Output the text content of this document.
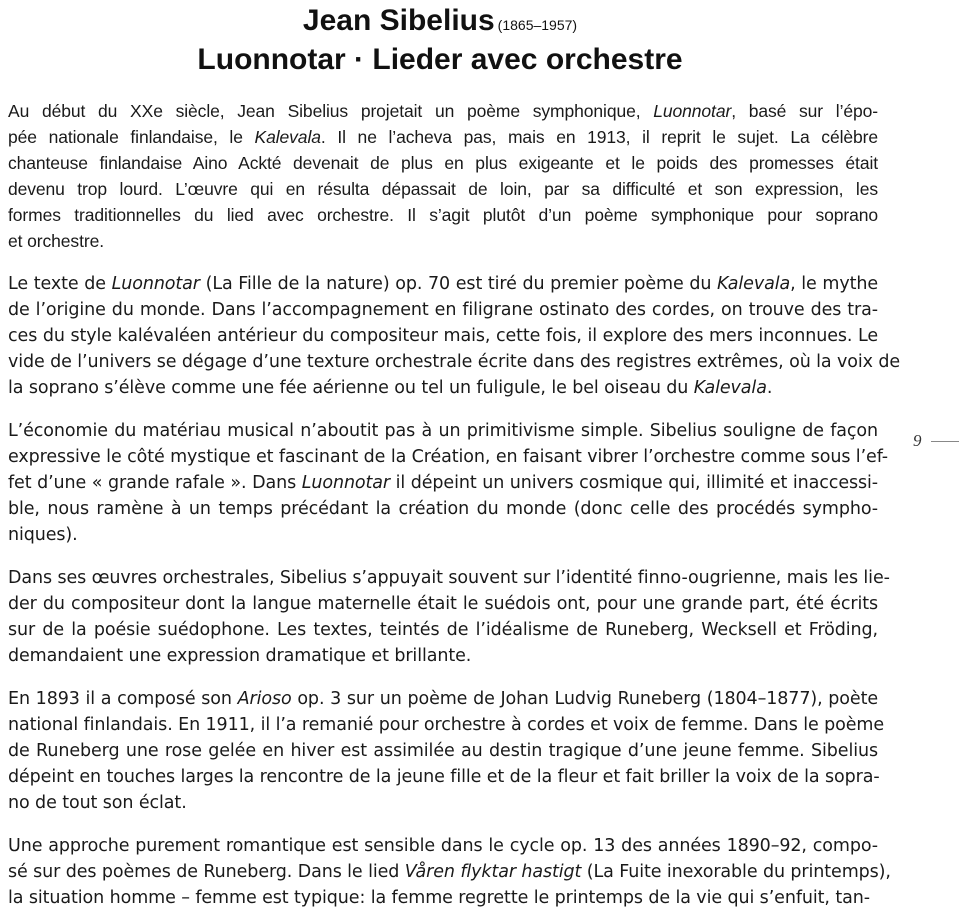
Jean Sibelius (1865–1957)
Luonnotar · Lieder avec orchestre
Au début du XXe siècle, Jean Sibelius projetait un poème symphonique, Luonnotar, basé sur l’épo-
pée nationale finlandaise, le Kalevala. Il ne l’acheva pas, mais en 1913, il reprit le sujet. La célèbre
chanteuse finlandaise Aino Ackté devenait de plus en plus exigeante et le poids des promesses était
devenu trop lourd. L’œuvre qui en résulta dépassait de loin, par sa difficulté et son expression, les
formes traditionnelles du lied avec orchestre. Il s’agit plutôt d’un poème symphonique pour soprano
et orchestre.
Le texte de Luonnotar (La Fille de la nature) op. 70 est tiré du premier poème du Kalevala, le mythe
de l’origine du monde. Dans l’accompagnement en filigrane ostinato des cordes, on trouve des tra-
ces du style kalévaléen antérieur du compositeur mais, cette fois, il explore des mers inconnues. Le
vide de l’univers se dégage d’une texture orchestrale écrite dans des registres extrêmes, où la voix de
la soprano s’élève comme une fée aérienne ou tel un fuligule, le bel oiseau du Kalevala.
L’économie du matériau musical n’aboutit pas à un primitivisme simple. Sibelius souligne de façon
expressive le côté mystique et fascinant de la Création, en faisant vibrer l’orchestre comme sous l’ef-
fet d’une « grande rafale ». Dans Luonnotar il dépeint un univers cosmique qui, illimité et inaccessi-
ble, nous ramène à un temps précédant la création du monde (donc celle des procédés sympho-
niques).
Dans ses œuvres orchestrales, Sibelius s’appuyait souvent sur l’identité finno-ougrienne, mais les lie-
der du compositeur dont la langue maternelle était le suédois ont, pour une grande part, été écrits
sur de la poésie suédophone. Les textes, teintés de l’idéalisme de Runeberg, Wecksell et Fröding,
demandaient une expression dramatique et brillante.
En 1893 il a composé son Arioso op. 3 sur un poème de Johan Ludvig Runeberg (1804–1877), poète
national finlandais. En 1911, il l’a remanié pour orchestre à cordes et voix de femme. Dans le poème
de Runeberg une rose gelée en hiver est assimilée au destin tragique d’une jeune femme. Sibelius
dépeint en touches larges la rencontre de la jeune fille et de la fleur et fait briller la voix de la sopra-
no de tout son éclat.
Une approche purement romantique est sensible dans le cycle op. 13 des années 1890–92, compo-
sé sur des poèmes de Runeberg. Dans le lied Våren flyktar hastigt (La Fuite inexorable du printemps),
la situation homme – femme est typique: la femme regrette le printemps de la vie qui s’enfuit, tan-
9
